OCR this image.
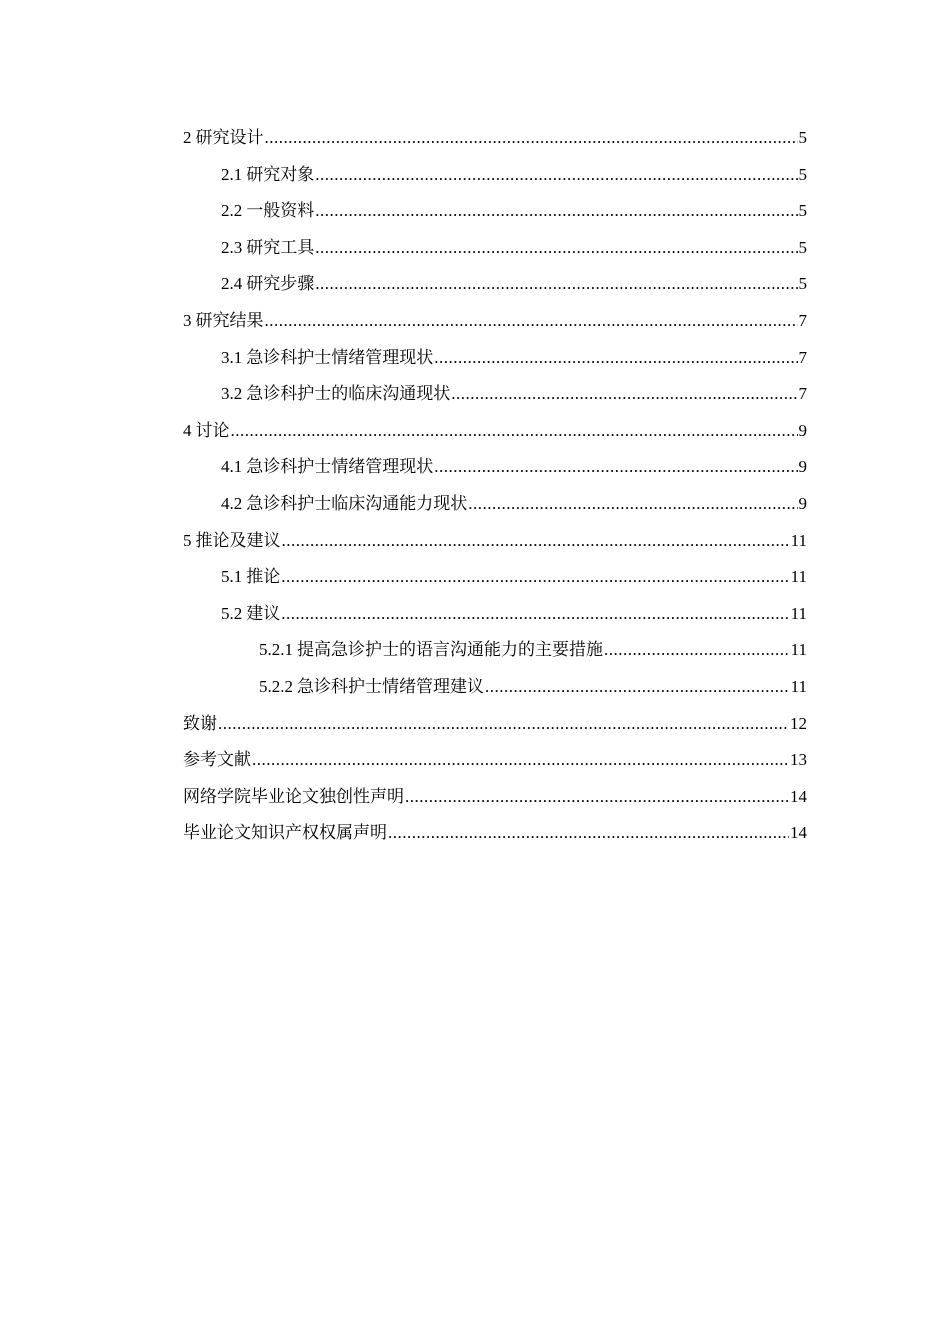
2 研究设计 .....	5
2.1 研究对象 .....	5
2.2 一般资料 .....	5
2.3 研究工具 .....	5
2.4 研究步骤 .....	5
3 研究结果 .....	7
3.1 急诊科护士情绪管理现状 .....	7
3.2 急诊科护士的临床沟通现状 .....	7
4 讨论 .....	9
4.1 急诊科护士情绪管理现状 .....	9
4.2 急诊科护士临床沟通能力现状 .....	9
5 推论及建议 .....	11
5.1 推论 .....	11
5.2 建议 .....	11
5.2.1 提高急诊护士的语言沟通能力的主要措施 .....	11
5.2.2 急诊科护士情绪管理建议 .....	11
致谢 .....	12
参考文献 .....	13
网络学院毕业论文独创性声明 .....	14
毕业论文知识产权权属声明 .....	14
